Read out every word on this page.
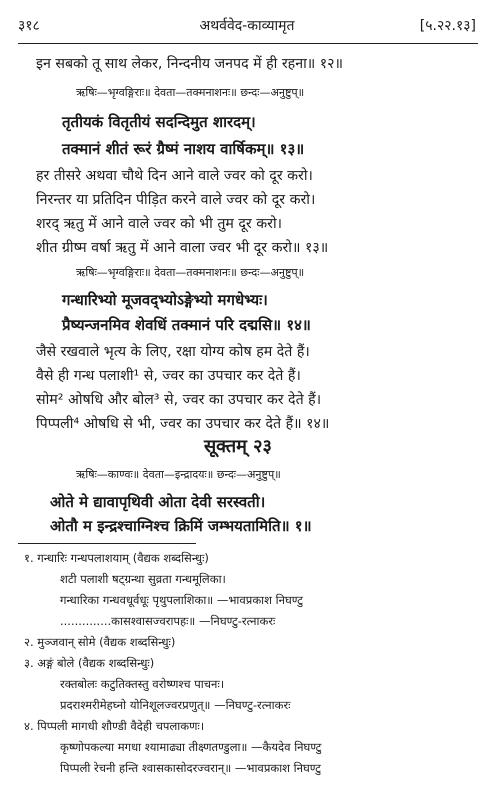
३१८	अथर्ववेद-काव्यामृत	[५.२२.१३]
इन सबको तू साथ लेकर, निन्दनीय जनपद में ही रहना॥ १२॥
ऋषिः—भृग्वङ्गिराः॥ देवता—तक्मनाशनः॥ छन्दः—अनुष्टुप्॥
तृतीयकं वितृतीयं सदन्दिमुत शारदम्।
तक्मानं शीतं रूरं ग्रैष्मं नाशय वार्षिकम्॥ १३॥
हर तीसरे अथवा चौथे दिन आने वाले ज्वर को दूर करो।
निरन्तर या प्रतिदिन पीड़ित करने वाले ज्वर को दूर करो।
शरद् ऋतु में आने वाले ज्वर को भी तुम दूर करो।
शीत ग्रीष्म वर्षा ऋतु में आने वाला ज्वर भी दूर करो॥ १३॥
ऋषिः—भृग्वङ्गिराः॥ देवता—तक्मनाशनः॥ छन्दः—अनुष्टुप्॥
गन्धारिभ्यो मूजवद्भ्योऽङ्गेभ्यो मगधेभ्यः।
प्रैष्यन्जनमिव शेवधिं तक्मानं परि दद्मसि॥ १४॥
जैसे रखवाले भृत्य के लिए, रक्षा योग्य कोष हम देते हैं।
वैसे ही गन्ध पलाशी¹ से, ज्वर का उपचार कर देते हैं।
सोम² ओषधि और बोल³ से, ज्वर का उपचार कर देते हैं।
पिप्पली⁴ ओषधि से भी, ज्वर का उपचार कर देते हैं॥ १४॥
सूक्तम् २३
ऋषिः—काण्वः॥ देवता—इन्द्रादयः॥ छन्दः—अनुष्टुप्॥
ओते मे द्यावापृथिवी ओता देवी सरस्वती।
ओतौ म इन्द्रश्चाग्निश्च क्रिमिं जम्भयतामिति॥ १॥
१. गन्धारिः गन्धपलाशयाम् (वैद्यक शब्दसिन्धुः)
शटी पलाशी षट्ग्रन्था सुव्रता गन्धमूलिका।
गन्धारिका गन्धवधूर्वधूः पृथुपलाशिका॥ —भावप्रकाश निघण्टु
..............कासश्वासज्वरापहः॥ —निघण्टु-रत्नाकरः
२. मुञ्जवान् सोमे (वैद्यक शब्दसिन्धुः)
३. अङ्गं बोले (वैद्यक शब्दसिन्धुः)
रक्तबोलः कटुतिक्तस्तु वरोष्णश्च पाचनः।
प्रदराश्मरीमेहघ्नो योनिशूलज्वरप्रणुत्॥ —निघण्टु-रत्नाकरः
४. पिप्पली मागधी शौण्डी वैदेही चपलाकणः।
कृष्णोपकल्या मगधा श्यामाढ्या तीक्ष्णतण्डुला॥ —कैयदेव निघण्टु
पिप्पली रेचनी हन्ति श्वासकासोदरज्वरान्॥ —भावप्रकाश निघण्टु
